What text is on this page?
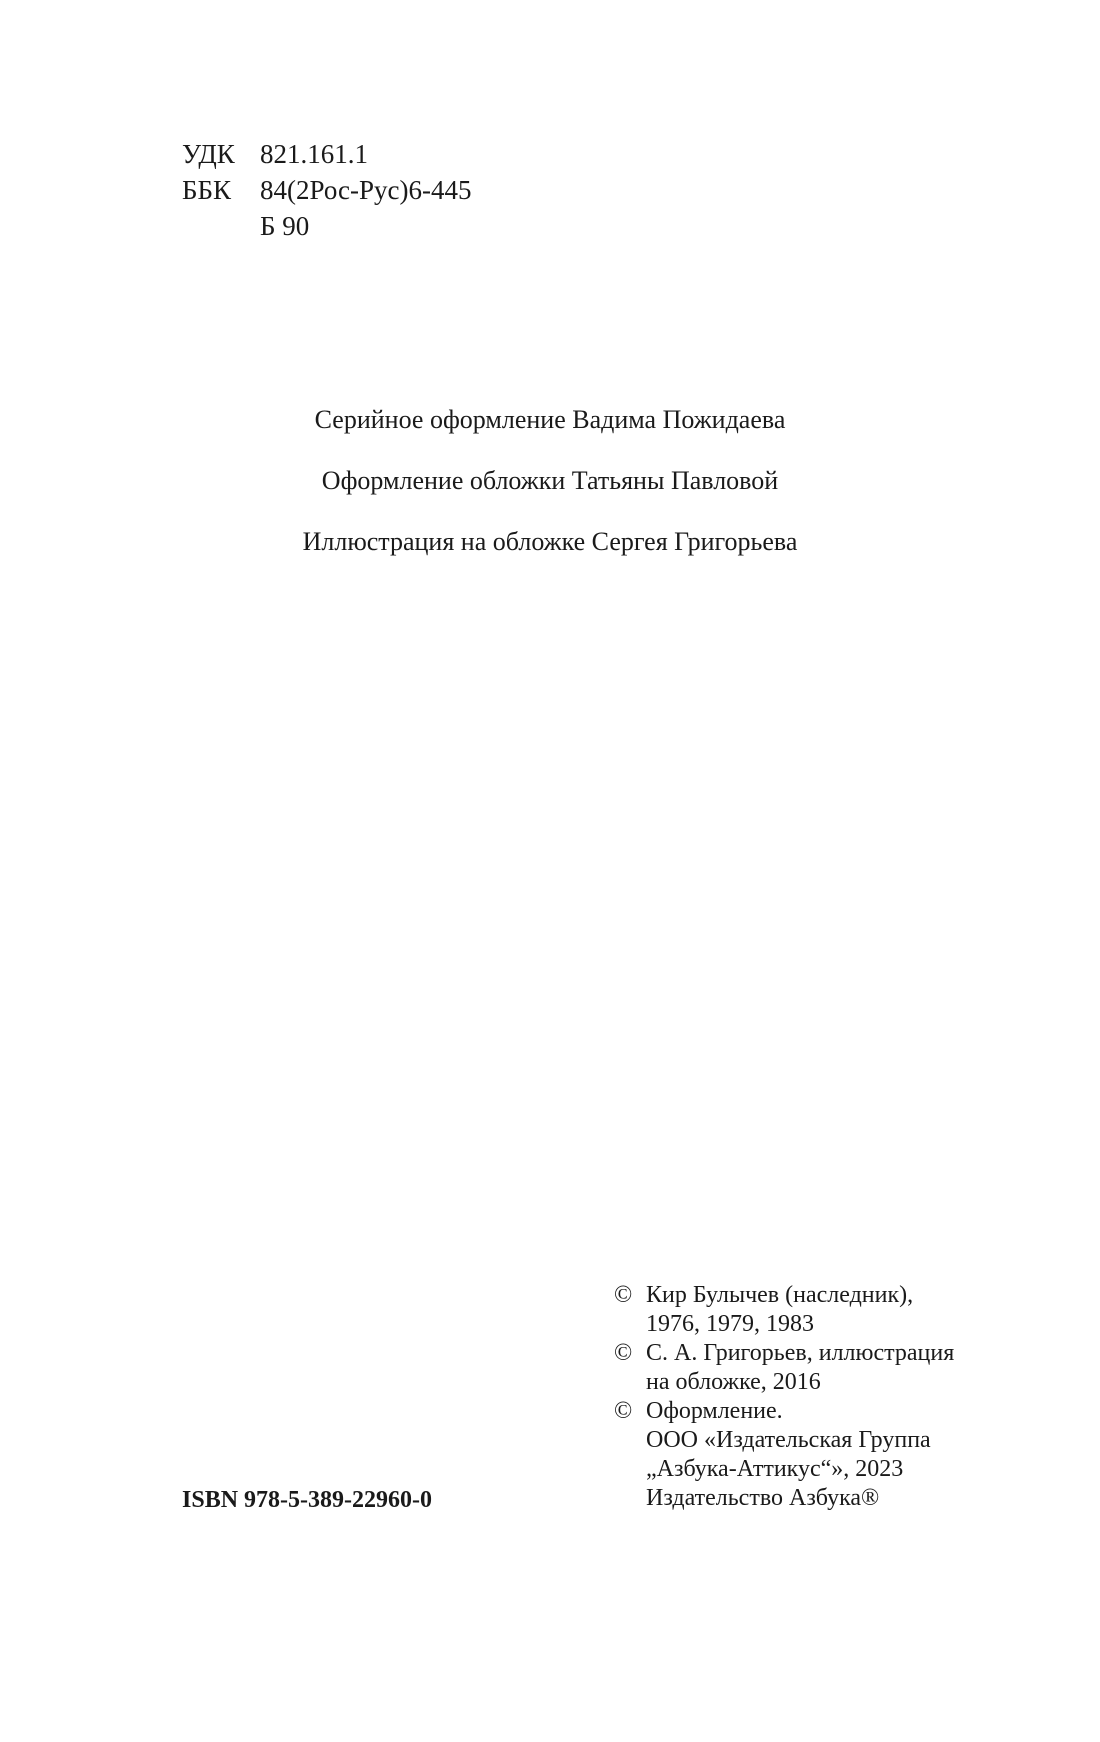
УДК 821.161.1
ББК	84(2Рос-Рус)6-445
Б 90

Серийное оформление Вадима Пожидаева

Оформление обложки Татьяны Павловой

Иллюстрация на обложке Сергея Григорьева

© Кир Булычев (наследник),
1976, 1979, 1983
© С. А. Григорьев, иллюстрация
на обложке, 2016
© Оформление.
ООО «Издательская Группа
„Азбука-Аттикус“», 2023
Издательство Азбука®
ISBN 978-5-389-22960-0
